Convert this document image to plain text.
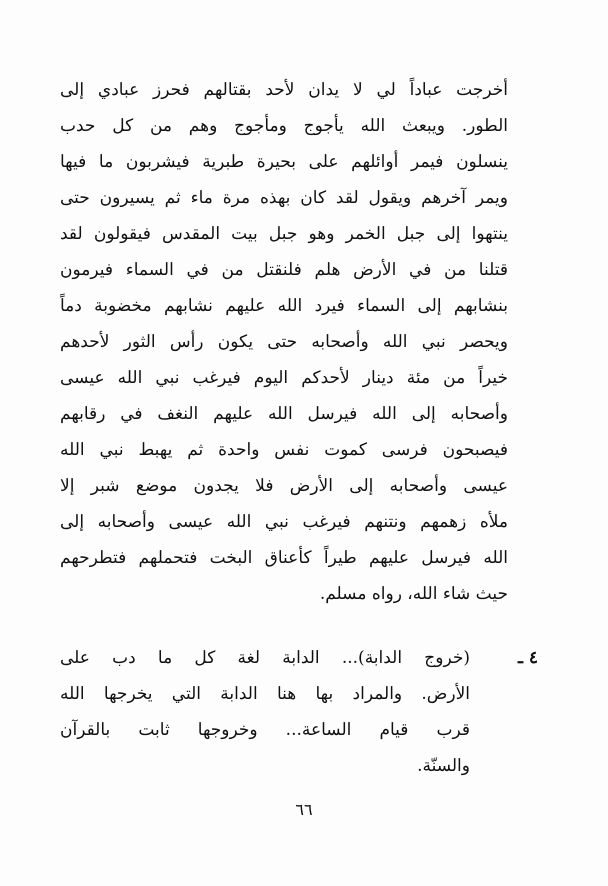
أخرجت عباداً لي لا يدان لأحد بقتالهم فحرز عبادي إلى
الطور. ويبعث الله يأجوج ومأجوج وهم من كل حدب
ينسلون فيمر أوائلهم على بحيرة طبرية فيشربون ما فيها
ويمر آخرهم ويقول لقد كان بهذه مرة ماء ثم يسيرون حتى
ينتهوا إلى جبل الخمر وهو جبل بيت المقدس فيقولون لقد
قتلنا من في الأرض هلم فلنقتل من في السماء فيرمون
بنشابهم إلى السماء فيرد الله عليهم نشابهم مخضوبة دماً
ويحصر نبي الله وأصحابه حتى يكون رأس الثور لأحدهم
خيراً من مئة دينار لأحدكم اليوم فيرغب نبي الله عيسى
وأصحابه إلى الله فيرسل الله عليهم النغف في رقابهم
فيصبحون فرسى كموت نفس واحدة ثم يهبط نبي الله
عيسى وأصحابه إلى الأرض فلا يجدون موضع شبر إلا
ملأه زهمهم ونتنهم فيرغب نبي الله عيسى وأصحابه إلى
الله فيرسل عليهم طيراً كأعناق البخت فتحملهم فتطرحهم
حيث شاء الله، رواه مسلم.
٤ ـ
(خروج الدابة)... الدابة لغة كل ما دب على
الأرض. والمراد بها هنا الدابة التي يخرجها الله
قرب قيام الساعة... وخروجها ثابت بالقرآن
والسنّة.
٦٦
